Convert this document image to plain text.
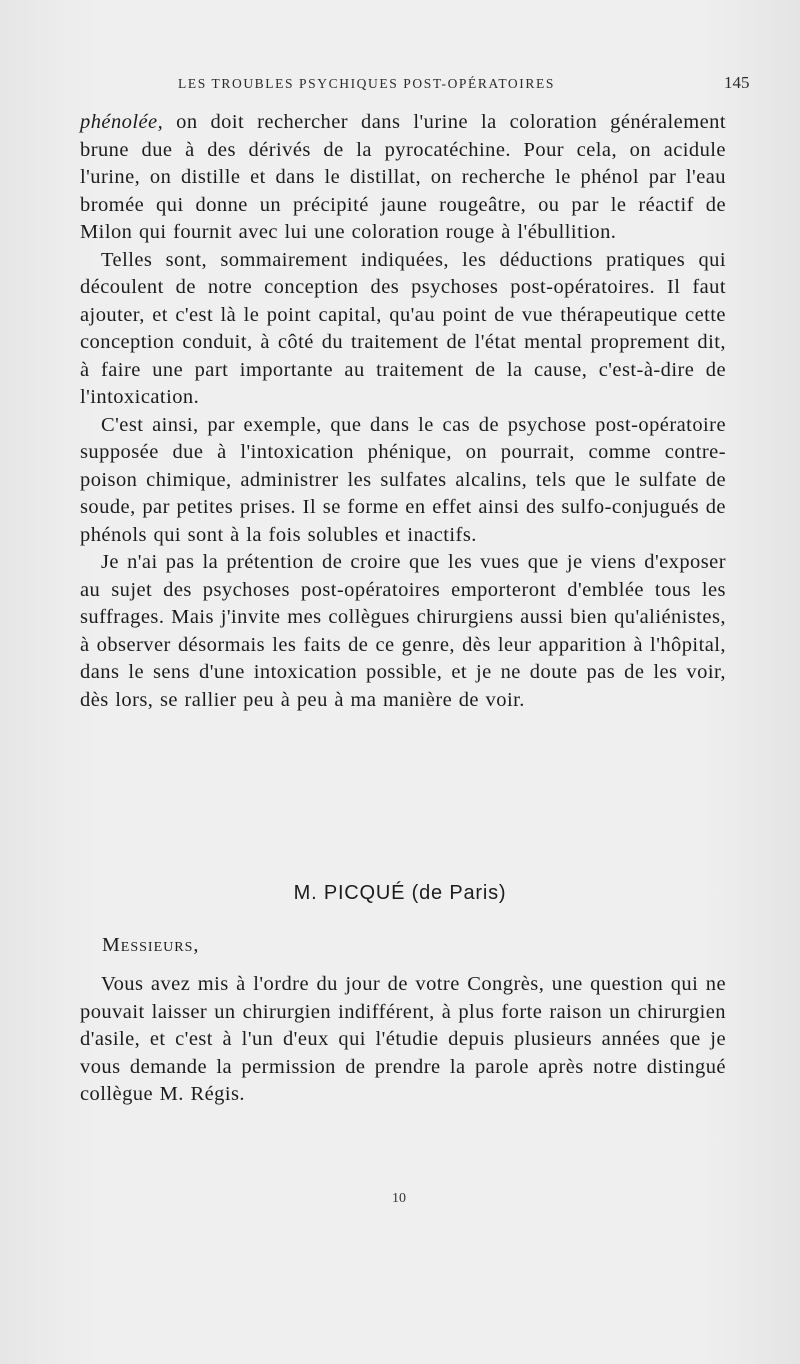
LES TROUBLES PSYCHIQUES POST-OPÉRATOIRES	145

phénolée, on doit rechercher dans l'urine la coloration généralement brune due à des dérivés de la pyrocatéchine. Pour cela, on acidule l'urine, on distille et dans le distillat, on recherche le phénol par l'eau bromée qui donne un précipité jaune rougeâtre, ou par le réactif de Milon qui fournit avec lui une coloration rouge à l'ébullition.

Telles sont, sommairement indiquées, les déductions pratiques qui découlent de notre conception des psychoses post-opératoires. Il faut ajouter, et c'est là le point capital, qu'au point de vue thérapeutique cette conception conduit, à côté du traitement de l'état mental proprement dit, à faire une part importante au traitement de la cause, c'est-à-dire de l'intoxication.

C'est ainsi, par exemple, que dans le cas de psychose post-opératoire supposée due à l'intoxication phénique, on pourrait, comme contre-poison chimique, administrer les sulfates alcalins, tels que le sulfate de soude, par petites prises. Il se forme en effet ainsi des sulfo-conjugués de phénols qui sont à la fois solubles et inactifs.

Je n'ai pas la prétention de croire que les vues que je viens d'exposer au sujet des psychoses post-opératoires emporteront d'emblée tous les suffrages. Mais j'invite mes collègues chirurgiens aussi bien qu'aliénistes, à observer désormais les faits de ce genre, dès leur apparition à l'hôpital, dans le sens d'une intoxication possible, et je ne doute pas de les voir, dès lors, se rallier peu à peu à ma manière de voir.

M. PICQUÉ (de Paris)
Messieurs,

Vous avez mis à l'ordre du jour de votre Congrès, une question qui ne pouvait laisser un chirurgien indifférent, à plus forte raison un chirurgien d'asile, et c'est à l'un d'eux qui l'étudie depuis plusieurs années que je vous demande la permission de prendre la parole après notre distingué collègue M. Régis.

10
